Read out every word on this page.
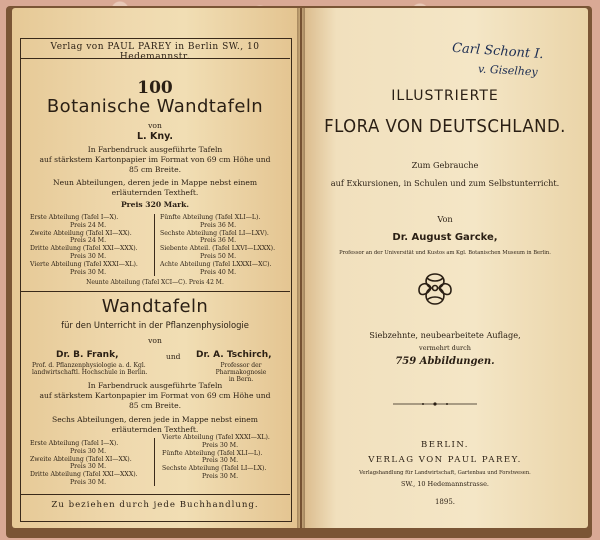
Verlag von PAUL PAREY in Berlin SW., 10 Hedemannstr.
100
Botanische Wandtafeln
von
L. Kny.
In Farbendruck ausgeführte Tafeln
auf stärkstem Kartonpapier im Format von 69 cm Höhe und
85 cm Breite.
Neun Abteilungen, deren jede in Mappe nebst einem
erläuternden Textheft.
Preis 320 Mark.
Erste Abteilung (Tafel I—X).
Preis 24 M.
Zweite Abteilung (Tafel XI—XX).
Preis 24 M.
Dritte Abteilung (Tafel XXI—XXX).
Preis 30 M.
Vierte Abteilung (Tafel XXXI—XL).
Preis 30 M.
Fünfte Abteilung (Tafel XLI—L).
Preis 36 M.
Sechste Abteilung (Tafel LI—LXV).
Preis 36 M.
Siebente Abteil. (Tafel LXVI—LXXX).
Preis 50 M.
Achte Abteilung (Tafel LXXXI—XC).
Preis 40 M.
Neunte Abteilung (Tafel XCI—C). Preis 42 M.
Wandtafeln
für den Unterricht in der Pflanzenphysiologie
von
Dr. B. Frank,	und Dr. A. Tschirch,
Prof. d. Pflanzenphysiologie a. d. Kgl.
landwirtschaftl. Hochschule in Berlin.
Professor der Pharmakognosie
in Bern.
In Farbendruck ausgeführte Tafeln
auf stärkstem Kartonpapier im Format von 69 cm Höhe und
85 cm Breite.
Sechs Abteilungen, deren jede in Mappe nebst einem
erläuternden Textheft.
Erste Abteilung (Tafel I—X).
Preis 30 M.
Zweite Abteilung (Tafel XI—XX).
Preis 30 M.
Dritte Abteilung (Tafel XXI—XXX).
Preis 30 M.
Vierte Abteilung (Tafel XXXI—XL).
Preis 30 M.
Fünfte Abteilung (Tafel XLI—L).
Preis 30 M.
Sechste Abteilung (Tafel LI—LX).
Preis 30 M.
Zu beziehen durch jede Buchhandlung.
Carl Schont I.
v. Giselhey
ILLUSTRIERTE
FLORA VON DEUTSCHLAND.
Zum Gebrauche
auf Exkursionen, in Schulen und zum Selbstunterricht.
Von
Dr. August Garcke,
Professor an der Universität und Kustos am Kgl. Botanischen Museum in Berlin.
Siebzehnte, neubearbeitete Auflage,
vermehrt durch
759 Abbildungen.
BERLIN.
VERLAG VON PAUL PAREY.
Verlagshandlung für Landwirtschaft, Gartenbau und Forstwesen.
SW., 10 Hedemannstrasse.
1895.
